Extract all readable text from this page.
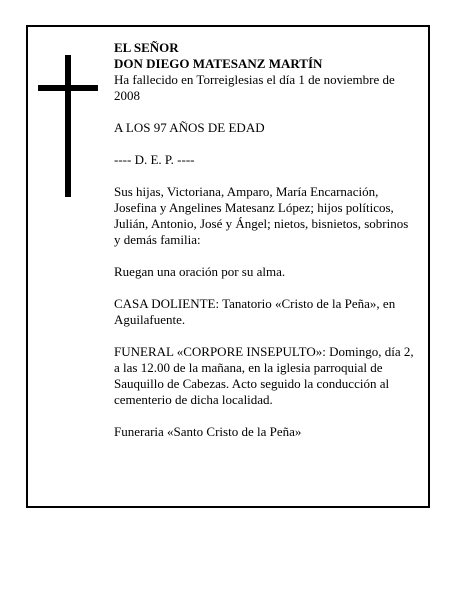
EL SEÑOR

DON DIEGO MATESANZ MARTÍN

Ha fallecido en Torreiglesias el día 1 de noviembre de 2008

A LOS 97 AÑOS DE EDAD

---- D. E. P. ----

Sus hijas, Victoriana, Amparo, María Encarnación, Josefina y Angelines Matesanz López; hijos políticos, Julián, Antonio, José y Ángel; nietos, bisnietos, sobrinos y demás familia:

Ruegan una oración por su alma.

CASA DOLIENTE: Tanatorio «Cristo de la Peña», en Aguilafuente.

FUNERAL «CORPORE INSEPULTO»: Domingo, día 2, a las 12.00 de la mañana, en la iglesia parroquial de Sauquillo de Cabezas. Acto seguido la conducción al cementerio de dicha localidad.

Funeraria «Santo Cristo de la Peña»
